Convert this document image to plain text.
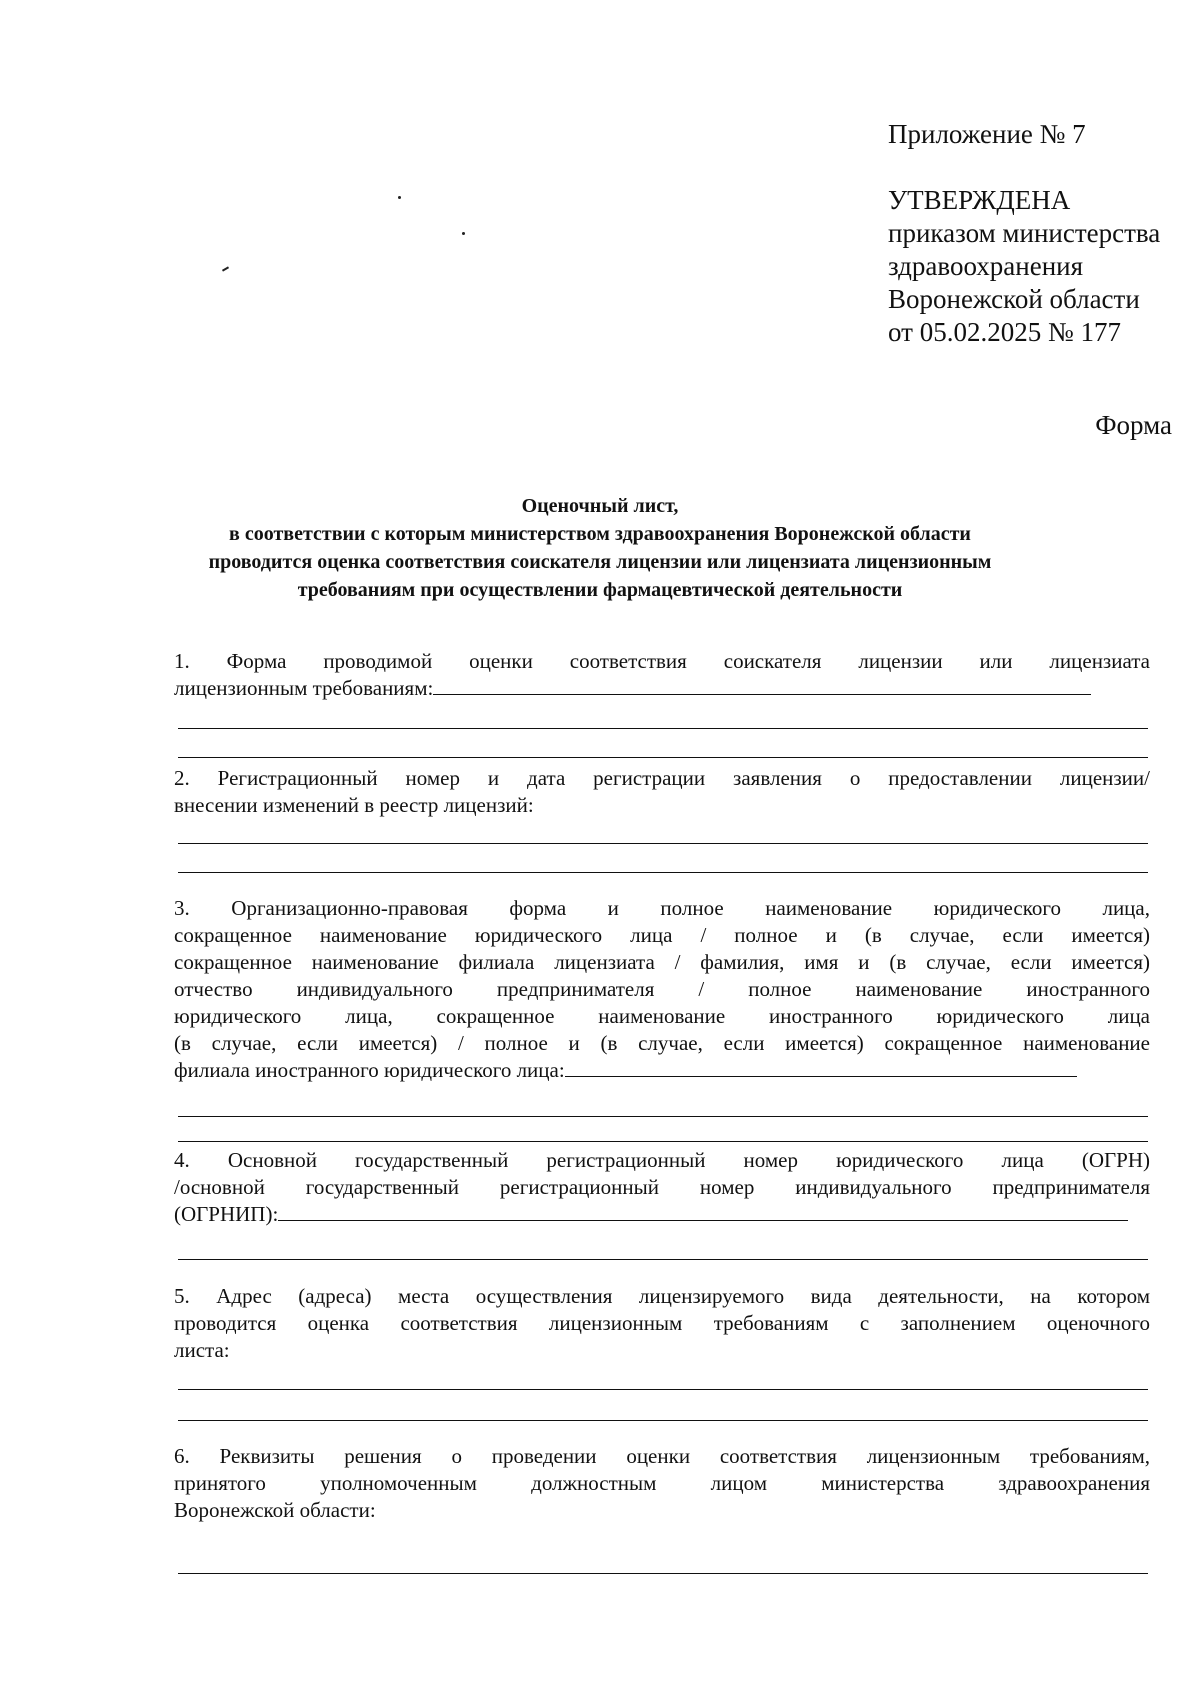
Приложение № 7
УТВЕРЖДЕНА
приказом министерства
здравоохранения
Воронежской области
от 05.02.2025 № 177
Форма
Оценочный лист,
в соответствии с которым министерством здравоохранения Воронежской области
проводится оценка соответствия соискателя лицензии или лицензиата лицензионным
требованиям при осуществлении фармацевтической деятельности
1. Форма проводимой оценки соответствия соискателя лицензии или лицензиата
лицензионным требованиям:
2. Регистрационный номер и дата регистрации заявления о предоставлении лицензии/
внесении изменений в реестр лицензий:
3. Организационно-правовая форма и полное наименование юридического лица,
сокращенное наименование юридического лица / полное и (в случае, если имеется)
сокращенное наименование филиала лицензиата / фамилия, имя и (в случае, если имеется)
отчество индивидуального предпринимателя / полное наименование иностранного
юридического лица, сокращенное наименование иностранного юридического лица
(в случае, если имеется) / полное и (в случае, если имеется) сокращенное наименование
филиала иностранного юридического лица:
4. Основной государственный регистрационный номер юридического лица (ОГРН)
/основной государственный регистрационный номер индивидуального предпринимателя
(ОГРНИП):
5. Адрес (адреса) места осуществления лицензируемого вида деятельности, на котором
проводится оценка соответствия лицензионным требованиям с заполнением оценочного
листа:
6. Реквизиты решения о проведении оценки соответствия лицензионным требованиям,
принятого уполномоченным должностным лицом министерства здравоохранения
Воронежской области:
